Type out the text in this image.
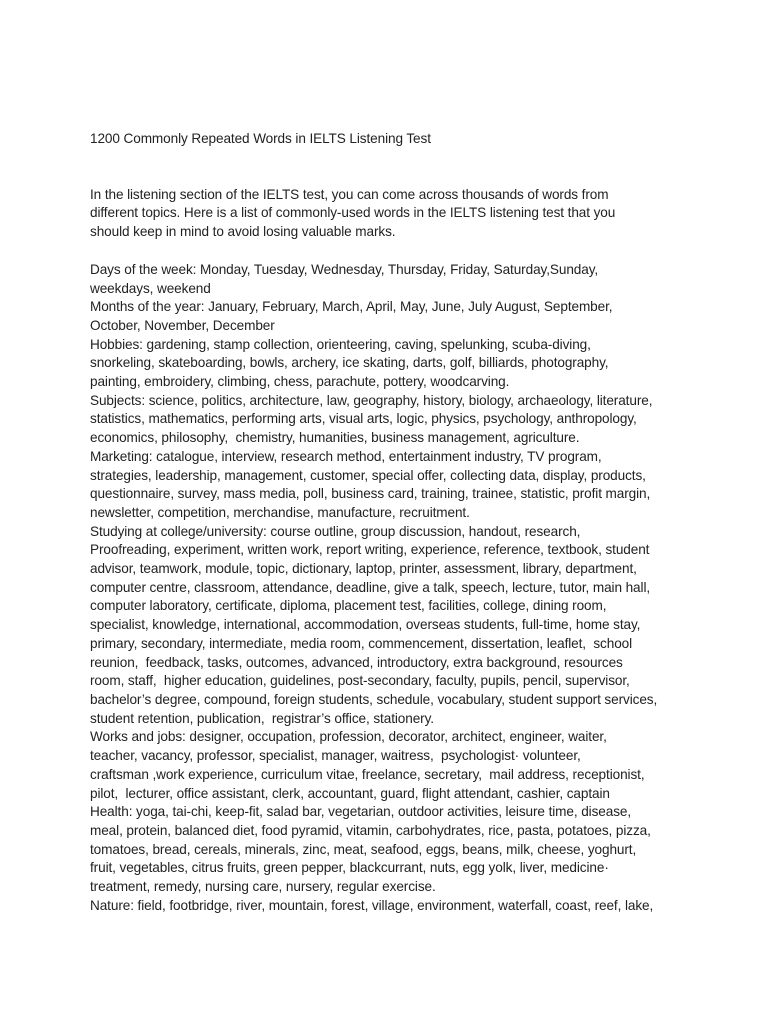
1200 Commonly Repeated Words in IELTS Listening Test
In the listening section of the IELTS test, you can come across thousands of words from
different topics. Here is a list of commonly-used words in the IELTS listening test that you
should keep in mind to avoid losing valuable marks.
Days of the week: Monday, Tuesday, Wednesday, Thursday, Friday, Saturday,Sunday,
weekdays, weekend
Months of the year: January, February, March, April, May, June, July August, September,
October, November, December
Hobbies: gardening, stamp collection, orienteering, caving, spelunking, scuba-diving,
snorkeling, skateboarding, bowls, archery, ice skating, darts, golf, billiards, photography,
painting, embroidery, climbing, chess, parachute, pottery, woodcarving.
Subjects: science, politics, architecture, law, geography, history, biology, archaeology, literature,
statistics, mathematics, performing arts, visual arts, logic, physics, psychology, anthropology,
economics, philosophy,  chemistry, humanities, business management, agriculture.
Marketing: catalogue, interview, research method, entertainment industry, TV program,
strategies, leadership, management, customer, special offer, collecting data, display, products,
questionnaire, survey, mass media, poll, business card, training, trainee, statistic, profit margin,
newsletter, competition, merchandise, manufacture, recruitment.
Studying at college/university: course outline, group discussion, handout, research,
Proofreading, experiment, written work, report writing, experience, reference, textbook, student
advisor, teamwork, module, topic, dictionary, laptop, printer, assessment, library, department,
computer centre, classroom, attendance, deadline, give a talk, speech, lecture, tutor, main hall,
computer laboratory, certificate, diploma, placement test, facilities, college, dining room,
specialist, knowledge, international, accommodation, overseas students, full-time, home stay,
primary, secondary, intermediate, media room, commencement, dissertation, leaflet,  school
reunion,  feedback, tasks, outcomes, advanced, introductory, extra background, resources
room, staff,  higher education, guidelines, post-secondary, faculty, pupils, pencil, supervisor,
bachelor’s degree, compound, foreign students, schedule, vocabulary, student support services,
student retention, publication,  registrar’s office, stationery.
Works and jobs: designer, occupation, profession, decorator, architect, engineer, waiter,
teacher, vacancy, professor, specialist, manager, waitress,  psychologist· volunteer,
craftsman ,work experience, curriculum vitae, freelance, secretary,  mail address, receptionist,
pilot,  lecturer, office assistant, clerk, accountant, guard, flight attendant, cashier, captain
Health: yoga, tai-chi, keep-fit, salad bar, vegetarian, outdoor activities, leisure time, disease,
meal, protein, balanced diet, food pyramid, vitamin, carbohydrates, rice, pasta, potatoes, pizza,
tomatoes, bread, cereals, minerals, zinc, meat, seafood, eggs, beans, milk, cheese, yoghurt,
fruit, vegetables, citrus fruits, green pepper, blackcurrant, nuts, egg yolk, liver, medicine·
treatment, remedy, nursing care, nursery, regular exercise.
Nature: field, footbridge, river, mountain, forest, village, environment, waterfall, coast, reef, lake,
